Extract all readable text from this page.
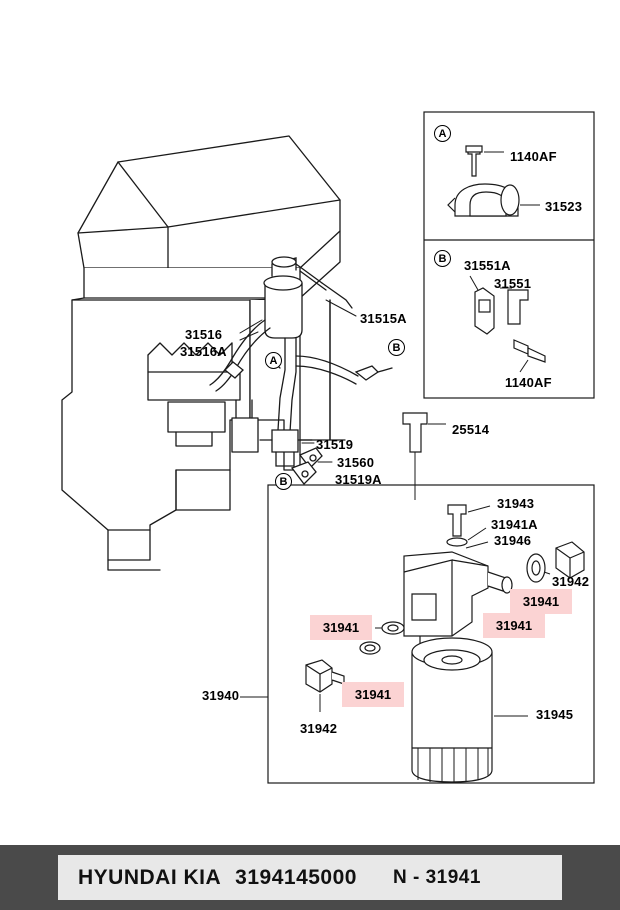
31515A
31516
31516A
31519
31560
31519A
25514
31943
31941A
31946
31942
31940
31942
31945
1140AF
31523
31551A
31551
1140AF
31941
31941
31941
31941
A
B
A
B
B
HYUNDAI KIA 3194145000 N - 31941
